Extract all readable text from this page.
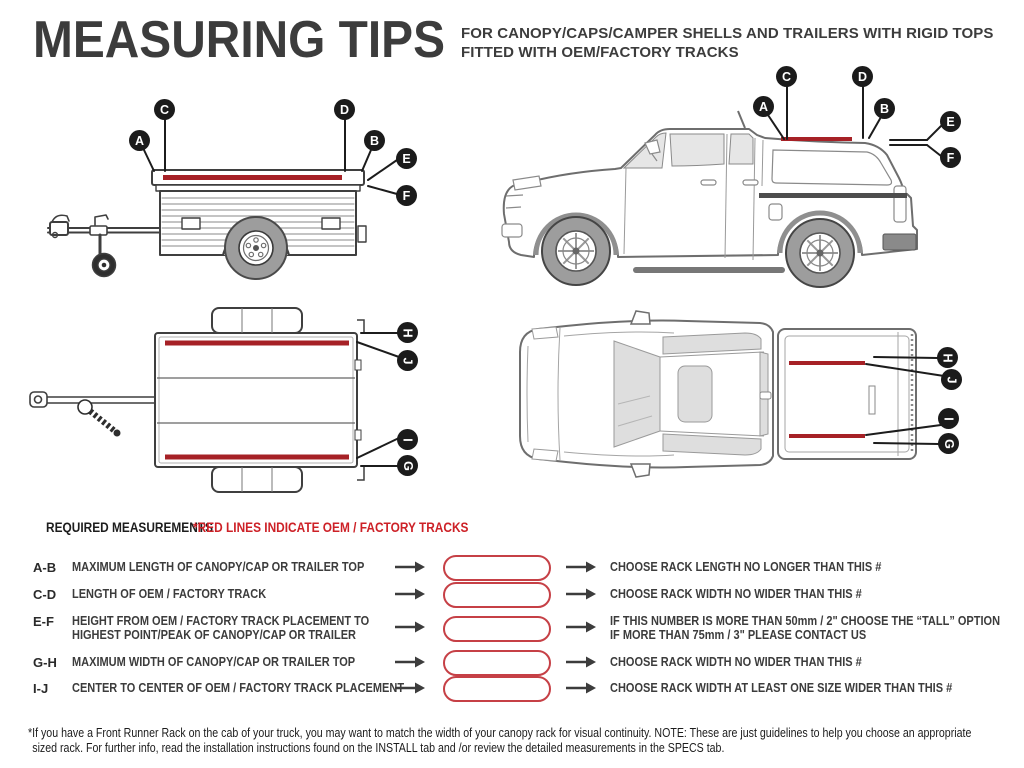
MEASURING TIPS FOR CANOPY/CAPS/CAMPER SHELLS AND TRAILERS WITH RIGID TOPS
FITTED WITH OEM/FACTORY TRACKS
A
C	D
B
E
F
A
C	D
B
E
F
H
J
I
G
H
J
I
G
REQUIRED MEASUREMENTS
*RED LINES INDICATE OEM / FACTORY TRACKS
A-B MAXIMUM LENGTH OF CANOPY/CAP OR TRAILER TOP	CHOOSE RACK LENGTH NO LONGER THAN THIS #
C-D LENGTH OF OEM / FACTORY TRACK	CHOOSE RACK WIDTH NO WIDER THAN THIS #
E-F HEIGHT FROM OEM / FACTORY TRACK PLACEMENT TO
HIGHEST POINT/PEAK OF CANOPY/CAP OR TRAILER
IF THIS NUMBER IS MORE THAN 50mm / 2" CHOOSE THE “TALL” OPTION
IF MORE THAN 75mm / 3" PLEASE CONTACT US
G-H MAXIMUM WIDTH OF CANOPY/CAP OR TRAILER TOP	CHOOSE RACK WIDTH NO WIDER THAN THIS #
I-J CENTER TO CENTER OF OEM / FACTORY TRACK PLACEMENT	CHOOSE RACK WIDTH AT LEAST ONE SIZE WIDER THAN THIS #
*If you have a Front Runner Rack on the cab of your truck, you may want to match the width of your canopy rack for visual continuity. NOTE: These are just guidelines to help you choose an appropriate
sized rack. For further info, read the installation instructions found on the INSTALL tab and /or review the detailed measurements in the SPECS tab.
